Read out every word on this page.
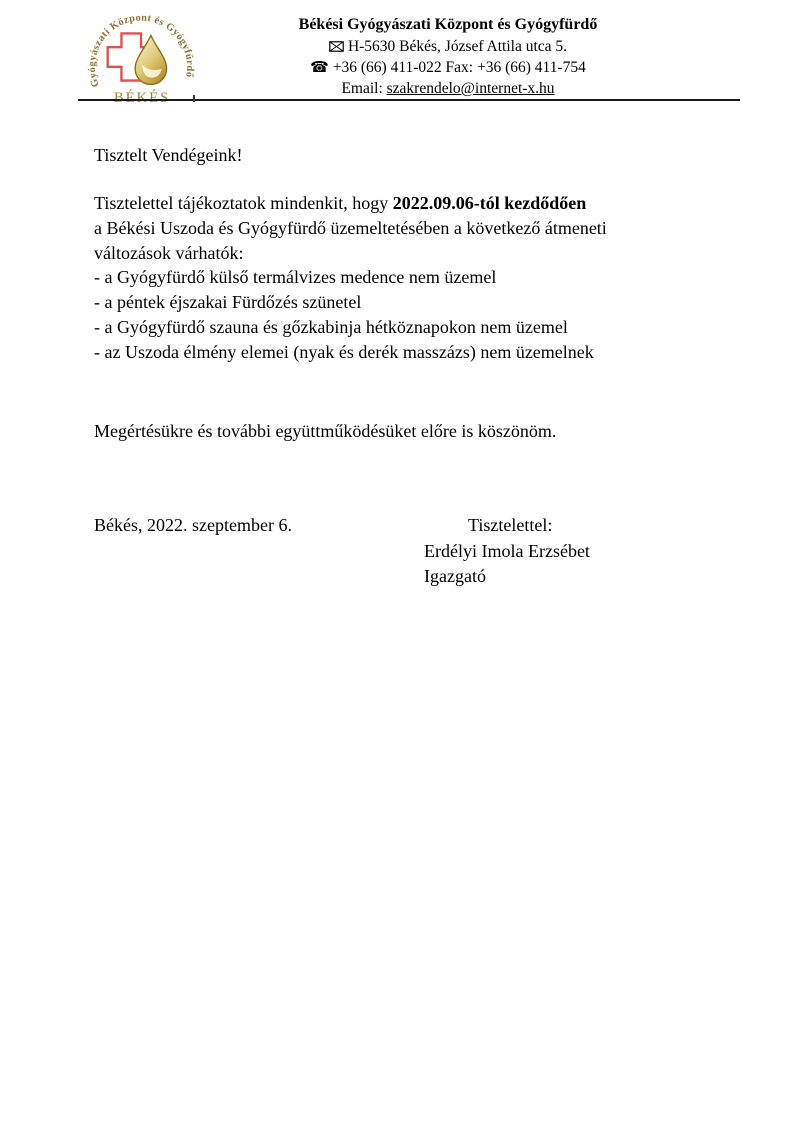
Gyógyászati Központ és Gyógyfürdő
Békési Gyógyászati Központ és Gyógyfürdő
H-5630 Békés, József Attila utca 5.
☎ +36 (66) 411-022 Fax: +36 (66) 411-754
Email: szakrendelo@internet-x.hu
Tisztelt Vendégeink!
Tisztelettel tájékoztatok mindenkit, hogy 2022.09.06-tól kezdődően
a Békési Uszoda és Gyógyfürdő üzemeltetésében a következő átmeneti
változások várhatók:
- a Gyógyfürdő külső termálvizes medence nem üzemel
- a péntek éjszakai Fürdőzés szünetel
- a Gyógyfürdő szauna és gőzkabinja hétköznapokon nem üzemel
- az Uszoda élmény elemei (nyak és derék masszázs) nem üzemelnek
Megértésükre és további együttműködésüket előre is köszönöm.
Békés, 2022. szeptember 6.	Tisztelettel:
Erdélyi Imola Erzsébet
Igazgató
